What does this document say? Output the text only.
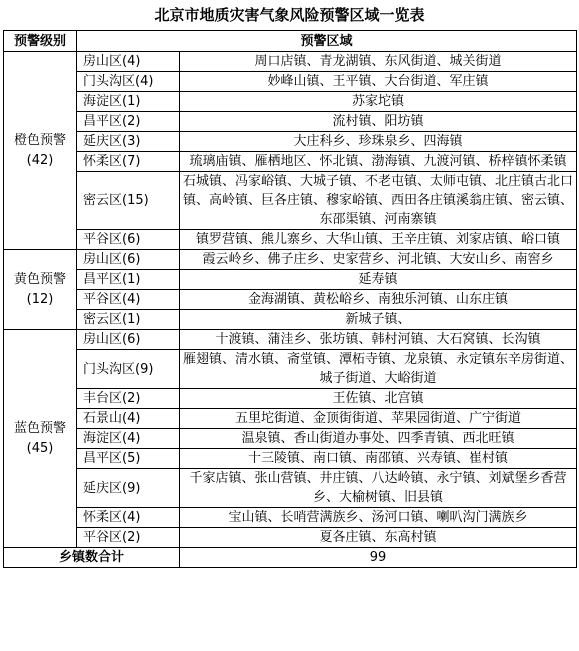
北京市地质灾害气象风险预警区域一览表
预警级别	预警区域	

橙色预警
(42)	房山区(4)	周口店镇、青龙湖镇、东风街道、城关街道
	门头沟区(4)	妙峰山镇、王平镇、大台街道、军庄镇
	海淀区(1)	苏家坨镇
	昌平区(2)	流村镇、阳坊镇
	延庆区(3)	大庄科乡、珍珠泉乡、四海镇
	怀柔区(7)	琉璃庙镇、雁栖地区、怀北镇、渤海镇、九渡河镇、桥梓镇怀柔镇
	密云区(15)	石城镇、冯家峪镇、大城子镇、不老屯镇、太师屯镇、北庄镇古北口镇、高岭镇、巨各庄镇、穆家峪镇、西田各庄镇溪翁庄镇、密云镇、东邵渠镇、河南寨镇
	平谷区(6)	镇罗营镇、熊儿寨乡、大华山镇、王辛庄镇、刘家店镇、峪口镇

黄色预警
(12)	房山区(6)	霞云岭乡、佛子庄乡、史家营乡、河北镇、大安山乡、南窖乡
	昌平区(1)	延寿镇
	平谷区(4)	金海湖镇、黄松峪乡、南独乐河镇、山东庄镇
	密云区(1)	新城子镇、

蓝色预警
(45)	房山区(6)	十渡镇、蒲洼乡、张坊镇、韩村河镇、大石窝镇、长沟镇
	门头沟区(9)	雁翅镇、清水镇、斋堂镇、潭柘寺镇、龙泉镇、永定镇东辛房街道、城子街道、大峪街道
	丰台区(2)	王佐镇、北宫镇
	石景山(4)	五里坨街道、金顶街街道、苹果园街道、广宁街道
	海淀区(4)	温泉镇、香山街道办事处、四季青镇、西北旺镇
	昌平区(5)	十三陵镇、南口镇、南邵镇、兴寿镇、崔村镇
	延庆区(9)	千家店镇、张山营镇、井庄镇、八达岭镇、永宁镇、刘斌堡乡香营乡、大榆树镇、旧县镇
	怀柔区(4)	宝山镇、长哨营满族乡、汤河口镇、喇叭沟门满族乡
	平谷区(2)	夏各庄镇、东高村镇
乡镇数合计		99
